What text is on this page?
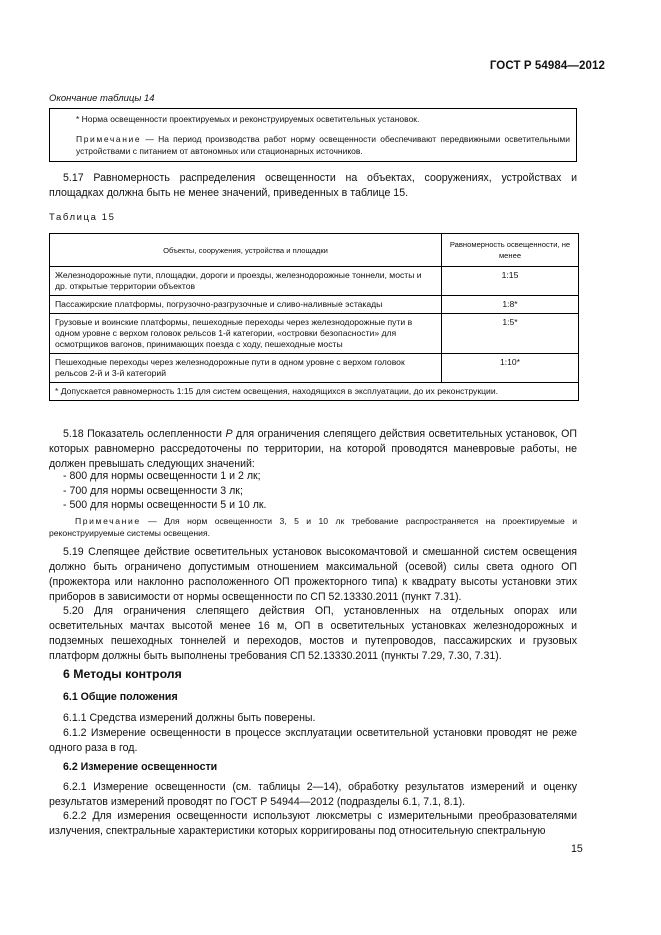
ГОСТ Р 54984—2012
Окончание таблицы 14
* Норма освещенности проектируемых и реконструируемых осветительных установок.
Примечание — На период производства работ норму освещенности обеспечивают передвижными осветительными устройствами с питанием от автономных или стационарных источников.
5.17 Равномерность распределения освещенности на объектах, сооружениях, устройствах и площадках должна быть не менее значений, приведенных в таблице 15.
Таблица 15
Объекты, сооружения, устройства и площадки	Равномерность освещенности, не менее
Железнодорожные пути, площадки, дороги и проезды, железнодорожные тоннели, мосты и др. открытые территории объектов	1:15
Пассажирские платформы, погрузочно-разгрузочные и сливо-наливные эстакады	1:8*
Грузовые и воинские платформы, пешеходные переходы через железнодорожные пути в одном уровне с верхом головок рельсов 1-й категории, «островки безопасности» для осмотрщиков вагонов, принимающих поезда с ходу, пешеходные мосты	1:5*
Пешеходные переходы через железнодорожные пути в одном уровне с верхом головок рельсов 2-й и 3-й категорий	1:10*
* Допускается равномерность 1:15 для систем освещения, находящихся в эксплуатации, до их реконструкции.	
5.18 Показатель ослепленности Р для ограничения слепящего действия осветительных установок, ОП которых равномерно рассредоточены по территории, на которой проводятся маневровые работы, не должен превышать следующих значений:
- 800 для нормы освещенности 1 и 2 лк;
- 700 для нормы освещенности 3 лк;
- 500 для нормы освещенности 5 и 10 лк.
Примечание — Для норм освещенности 3, 5 и 10 лк требование распространяется на проектируемые и реконструируемые системы освещения.
5.19 Слепящее действие осветительных установок высокомачтовой и смешанной систем освещения должно быть ограничено допустимым отношением максимальной (осевой) силы света одного ОП (прожектора или наклонно расположенного ОП прожекторного типа) к квадрату высоты установки этих приборов в зависимости от нормы освещенности по СП 52.13330.2011 (пункт 7.31).
5.20 Для ограничения слепящего действия ОП, установленных на отдельных опорах или осветительных мачтах высотой менее 16 м, ОП в осветительных установках железнодорожных и подземных пешеходных тоннелей и переходов, мостов и путепроводов, пассажирских и грузовых платформ должны быть выполнены требования СП 52.13330.2011 (пункты 7.29, 7.30, 7.31).
6 Методы контроля
6.1 Общие положения
6.1.1 Средства измерений должны быть поверены.
6.1.2 Измерение освещенности в процессе эксплуатации осветительной установки проводят не реже одного раза в год.
6.2 Измерение освещенности
6.2.1 Измерение освещенности (см. таблицы 2—14), обработку результатов измерений и оценку результатов измерений проводят по ГОСТ Р 54944—2012 (подразделы 6.1, 7.1, 8.1).
6.2.2 Для измерения освещенности используют люксметры с измерительными преобразователями излучения, спектральные характеристики которых корригированы под относительную спектральную
15
